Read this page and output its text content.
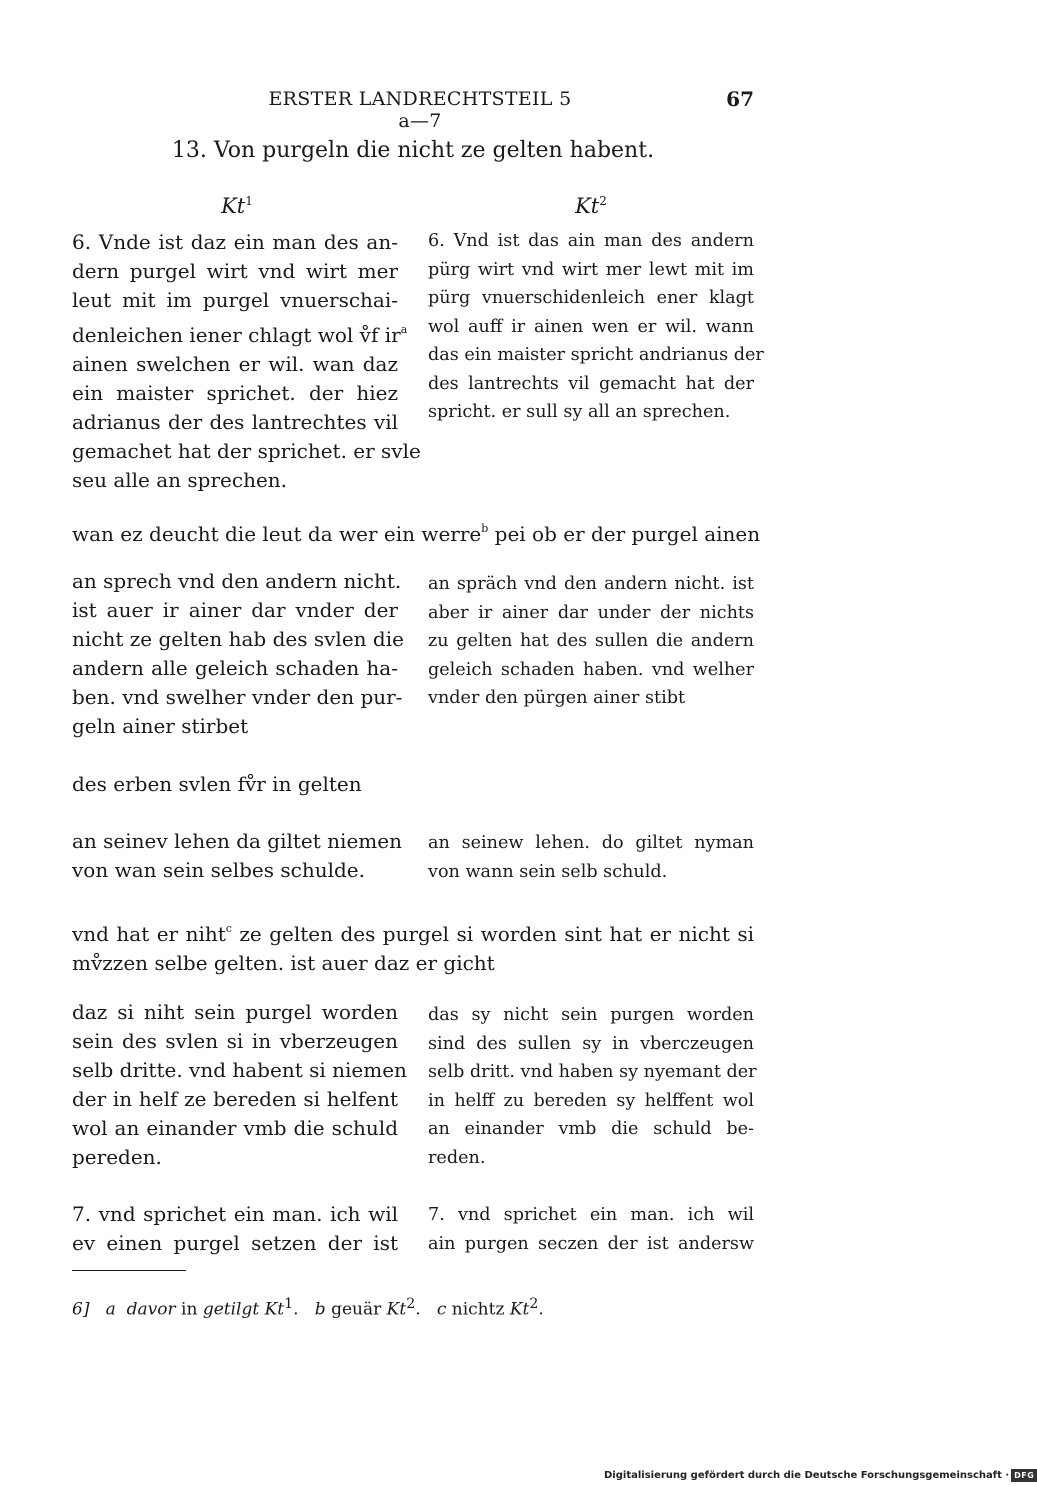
ERSTER LANDRECHTSTEIL 5 a—7
67
13. Von purgeln die nicht ze gelten habent.
Kt$^1$	Kt$^2$
6. Vnde ist daz ein man des an-
dern purgel wirt vnd wirt mer
leut mit im purgel vnuerschai-
denleichen iener chlagt wol v̊f $ir^a$
ainen swelchen er wil. wan daz
ein maister sprichet. der hiez
adrianus der des lantrechtes vil
gemachet hat der sprichet. er svle
seu alle an sprechen.
6. Vnd ist das ain man des andern
pürg wirt vnd wirt mer lewt mit im
pürg vnuerschidenleich ener klagt
wol auff ir ainen wen er wil. wann
das ein maister spricht andrianus der
des lantrechts vil gemacht hat der
spricht. er sull sy all an sprechen.
wan ez deucht die leut da wer ein werre$^b$ pei ob er der purgel ainen
an sprech vnd den andern nicht.
ist auer ir ainer dar vnder der
nicht ze gelten hab des svlen die
andern alle geleich schaden ha-
ben. vnd swelher vnder den pur-
geln ainer stirbet
an spräch vnd den andern nicht. ist
aber ir ainer dar under der nichts
zu gelten hat des sullen die andern
geleich schaden haben. vnd welher
vnder den pürgen ainer stibt
des erben svlen fv̊r in gelten
an seinev lehen da giltet niemen
von wan sein selbes schulde.
an seinew lehen. do giltet nyman
von wann sein selb schuld.
vnd hat er niht$^c$ ze gelten des purgel si worden sint hat er nicht si
mv̊zzen selbe gelten. ist auer daz er gicht
daz si niht sein purgel worden
sein des svlen si in vberzeugen
selb dritte. vnd habent si niemen
der in helf ze bereden si helfent
wol an einander vmb die schuld
pereden.
das sy nicht sein purgen worden
sind des sullen sy in vberczeugen
selb dritt. vnd haben sy nyemant der
in helff zu bereden sy helffent wol
an einander vmb die schuld be-
reden.
7. vnd sprichet ein man. ich wil
ev einen purgel setzen der ist
7. vnd sprichet ein man. ich wil
ain purgen seczen der ist andersw
6] a davor in getilgt Kt$^1$.   b geuär Kt$^2$.   c nichtz Kt$^2$.
Digitalisierung gefördert durch die Deutsche Forschungsgemeinschaft · DFG
